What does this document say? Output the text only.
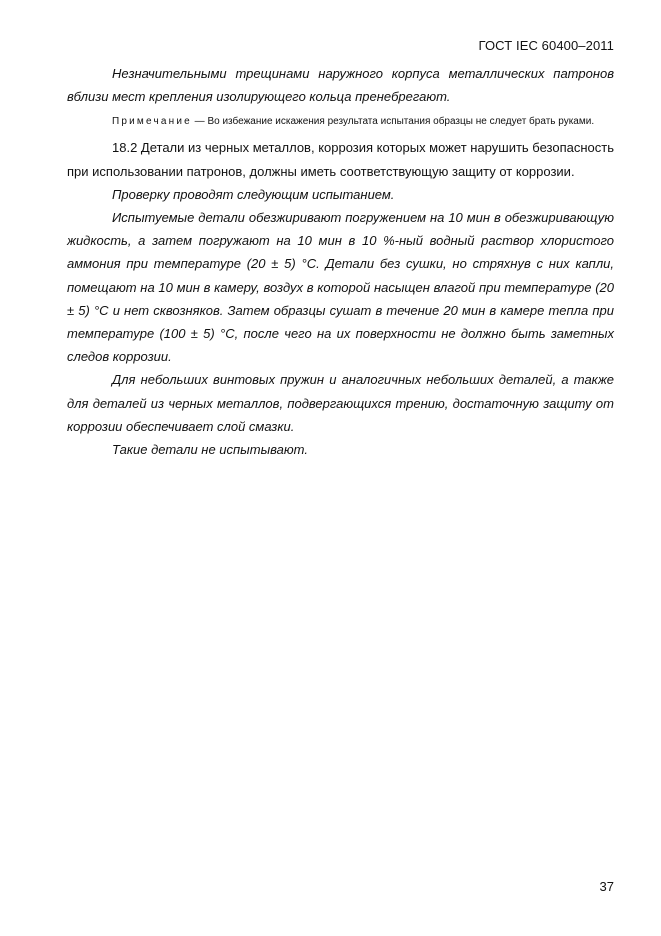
ГОСТ IEC 60400–2011

Незначительными трещинами наружного корпуса металлических патронов вблизи мест крепления изолирующего кольца пренебрегают.

Примечание — Во избежание искажения результата испытания образцы не следует брать руками.

18.2 Детали из черных металлов, коррозия которых может нарушить безопасность при использовании патронов, должны иметь соответствующую защиту от коррозии.

Проверку проводят следующим испытанием.

Испытуемые детали обезжиривают погружением на 10 мин в обезжиривающую жидкость, а затем погружают на 10 мин в 10 %-ный водный раствор хлористого аммония при температуре (20 ± 5) °С. Детали без сушки, но стряхнув с них капли, помещают на 10 мин в камеру, воздух в которой насыщен влагой при температуре (20 ± 5) °С и нет сквозняков. Затем образцы сушат в течение 20 мин в камере тепла при температуре (100 ± 5) °С, после чего на их поверхности не должно быть заметных следов коррозии.

Для небольших винтовых пружин и аналогичных небольших деталей, а также для деталей из черных металлов, подвергающихся трению, достаточную защиту от коррозии обеспечивает слой смазки.

Такие детали не испытывают.

37
